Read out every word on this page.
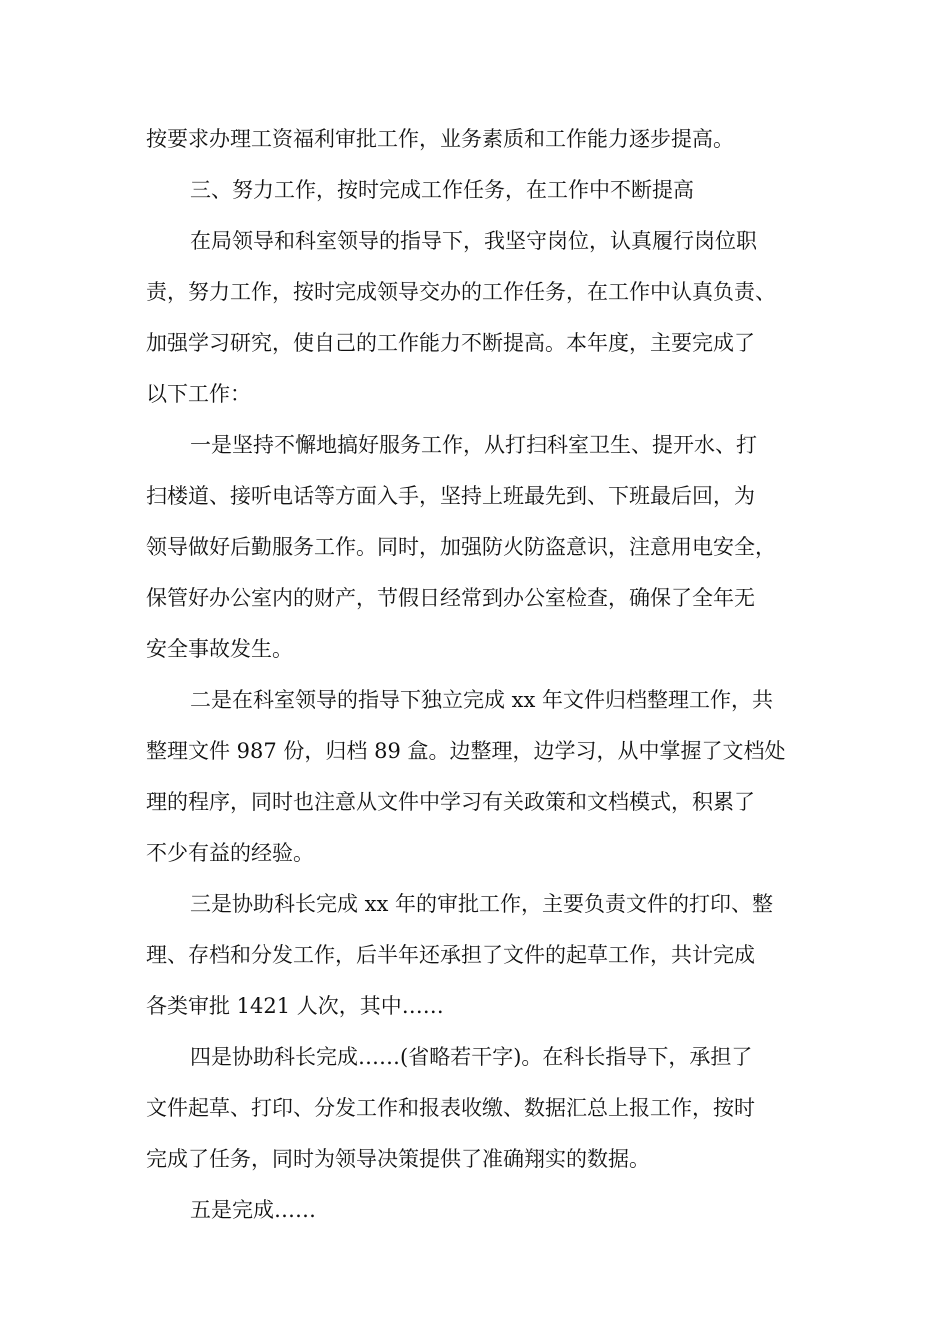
按要求办理工资福利审批工作，业务素质和工作能力逐步提高。
三、努力工作，按时完成工作任务，在工作中不断提高
在局领导和科室领导的指导下，我坚守岗位，认真履行岗位职
责，努力工作，按时完成领导交办的工作任务，在工作中认真负责、
加强学习研究，使自己的工作能力不断提高。本年度，主要完成了
以下工作：
一是坚持不懈地搞好服务工作，从打扫科室卫生、提开水、打
扫楼道、接听电话等方面入手，坚持上班最先到、下班最后回，为
领导做好后勤服务工作。同时，加强防火防盗意识，注意用电安全，
保管好办公室内的财产，节假日经常到办公室检查，确保了全年无
安全事故发生。
二是在科室领导的指导下独立完成 xx 年文件归档整理工作，共
整理文件 987 份，归档 89 盒。边整理，边学习，从中掌握了文档处
理的程序，同时也注意从文件中学习有关政策和文档模式，积累了
不少有益的经验。
三是协助科长完成 xx 年的审批工作，主要负责文件的打印、整
理、存档和分发工作，后半年还承担了文件的起草工作，共计完成
各类审批 1421 人次，其中……
四是协助科长完成……(省略若干字)。在科长指导下，承担了
文件起草、打印、分发工作和报表收缴、数据汇总上报工作，按时
完成了任务，同时为领导决策提供了准确翔实的数据。
五是完成……
